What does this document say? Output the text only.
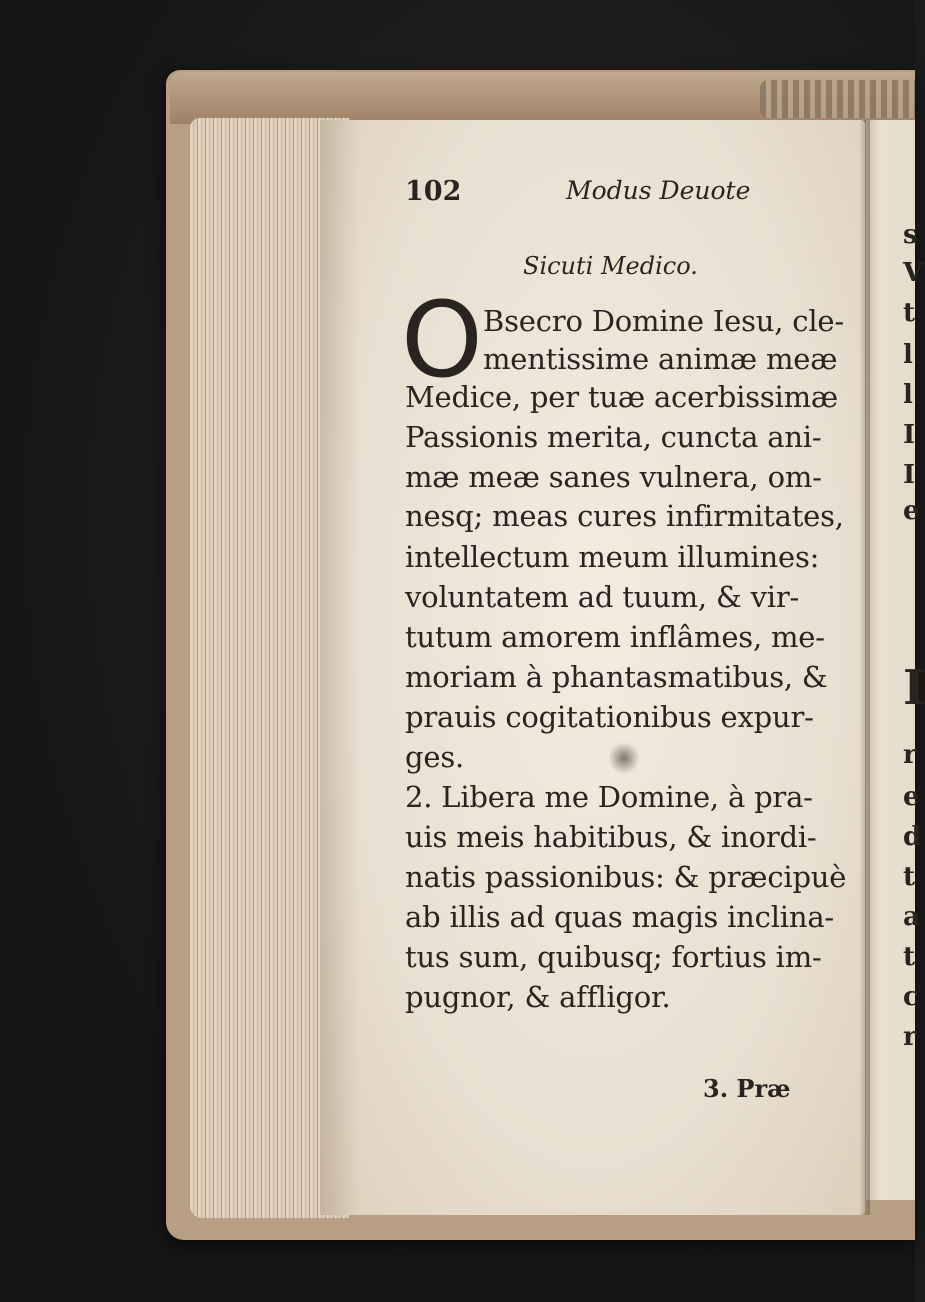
102	Modus Deuote
Sicuti Medico.
O Bsecro Domine Iesu, cle-
mentissime animæ meæ
Medice, per tuæ acerbissimæ
Passionis merita, cuncta ani-
mæ meæ sanes vulnera, om-
nesq; meas cures infirmitates,
intellectum meum illumines:
voluntatem ad tuum, & vir-
tutum amorem inflâmes, me-
moriam à phantasmatibus, &
prauis cogitationibus expur-
ges.
2. Libera me Domine, à pra-
uis meis habitibus, & inordi-
natis passionibus: & præcipuè
ab illis ad quas magis inclina-
tus sum, quibusq; fortius im-
pugnor, & affligor.
3. Præ
s
V
t
l
l
I
I
e
I
r
e
d
t
a
t
c
r
